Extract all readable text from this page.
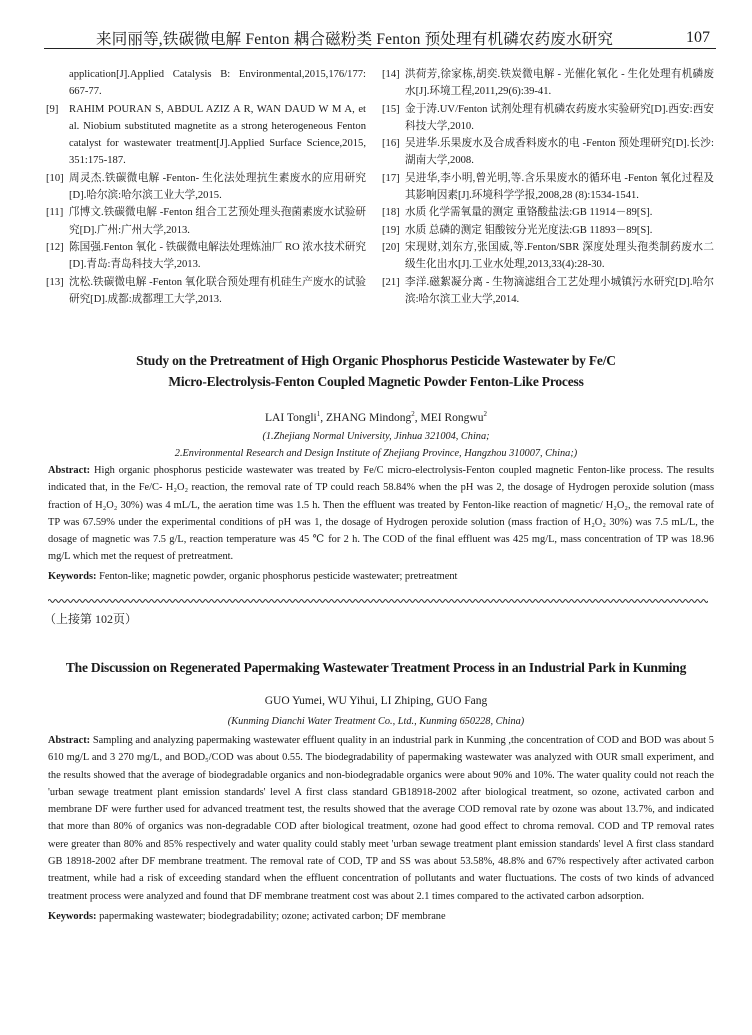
来同丽等,铁碳微电解 Fenton 耦合磁粉类 Fenton 预处理有机磷农药废水研究	107
application[J].Applied Catalysis B: Environmental,2015,176/177: 667-77.
[9] RAHIM POURAN S, ABDUL AZIZ A R, WAN DAUD W M A, et al. Niobium substituted magnetite as a strong heterogeneous Fenton catalyst for wastewater treatment[J].Applied Surface Science,2015, 351:175-187.
[10] 周灵杰.铁碳微电解 -Fenton- 生化法处理抗生素废水的应用研究[D].哈尔滨:哈尔滨工业大学,2015.
[11] 邝博文.铁碳微电解 -Fenton 组合工艺预处理头孢菌素废水试验研究[D].广州:广州大学,2013.
[12] 陈国强.Fenton 氧化 - 铁碳微电解法处理炼油厂 RO 浓水技术研究[D].青岛:青岛科技大学,2013.
[13] 沈松.铁碳微电解 -Fenton 氧化联合预处理有机硅生产废水的试验研究[D].成都:成都理工大学,2013.
[14] 洪荷芳,徐家栋,胡奕.铁炭微电解 - 光催化氧化 - 生化处理有机磷废水[J].环境工程,2011,29(6):39-41.
[15] 金于涛.UV/Fenton 试剂处理有机磷农药废水实验研究[D].西安:西安科技大学,2010.
[16] 吴进华.乐果废水及合成香料废水的电 -Fenton 预处理研究[D].长沙:湖南大学,2008.
[17] 吴进华,李小明,曾光明,等.含乐果废水的循环电 -Fenton 氧化过程及其影响因素[J].环境科学学报,2008,28 (8):1534-1541.
[18] 水质 化学需氧量的测定 重铬酸盐法:GB 11914－89[S].
[19] 水质 总磷的测定 钼酸铵分光光度法:GB 11893－89[S].
[20] 宋现财,刘东方,张国威,等.Fenton/SBR 深度处理头孢类制药废水二级生化出水[J].工业水处理,2013,33(4):28-30.
[21] 李洋.磁絮凝分离 - 生物滴滤组合工艺处理小城镇污水研究[D].哈尔滨:哈尔滨工业大学,2014.
Study on the Pretreatment of High Organic Phosphorus Pesticide Wastewater by Fe/C
Micro-Electrolysis-Fenton Coupled Magnetic Powder Fenton-Like Process
LAI Tongli$^1$, ZHANG Mindong$^2$, MEI Rongwu$^2$
(1.Zhejiang Normal University, Jinhua 321004, China;
2.Environmental Research and Design Institute of Zhejiang Province, Hangzhou 310007, China;)
Abstract: High organic phosphorus pesticide wastewater was treated by Fe/C micro-electrolysis-Fenton coupled magnetic Fenton-like process. The results indicated that, in the Fe/C- H₂O₂ reaction, the removal rate of TP could reach 58.84% when the pH was 2, the dosage of Hydrogen peroxide solution (mass fraction of H₂O₂ 30%) was 4 mL/L, the aeration time was 1.5 h. Then the effluent was treated by Fenton-like reaction of magnetic/ H₂O₂, the removal rate of TP was 67.59% under the experimental conditions of pH was 1, the dosage of Hydrogen peroxide solution (mass fraction of H₂O₂ 30%) was 7.5 mL/L, the dosage of magnetic was 7.5 g/L, reaction temperature was 45 ℃ for 2 h. The COD of the final effluent was 425 mg/L, mass concentration of TP was 18.96 mg/L which met the request of pretreatment.
Keywords: Fenton-like; magnetic powder, organic phosphorus pesticide wastewater; pretreatment
（上接第 102页）
The Discussion on Regenerated Papermaking Wastewater Treatment Process in an Industrial Park in Kunming
GUO Yumei, WU Yihui, LI Zhiping, GUO Fang
(Kunming Dianchi Water Treatment Co., Ltd., Kunming 650228, China)
Abstract: Sampling and analyzing papermaking wastewater effluent quality in an industrial park in Kunming ,the concentration of COD and BOD was about 5 610 mg/L and 3 270 mg/L, and BOD₅/COD was about 0.55. The biodegradability of papermaking wastewater was analyzed with OUR small experiment, and the results showed that the average of biodegradable organics and non-biodegradable organics were about 90% and 10%. The water quality could not reach the 'urban sewage treatment plant emission standards' level A first class standard GB18918-2002 after biological treatment, so ozone, activated carbon and membrane DF were further used for advanced treatment test, the results showed that the average COD removal rate by ozone was about 13.7%, and indicated that more than 80% of organics was non-degradable COD after biological treatment, ozone had good effect to chroma removal. COD and TP removal rates were greater than 80% and 85% respectively and water quality could stably meet 'urban sewage treatment plant emission standards' level A first class standard GB 18918-2002 after DF membrane treatment. The removal rate of COD, TP and SS was about 53.58%, 48.8% and 67% respectively after activated carbon treatment, while had a risk of exceeding standard when the effluent concentration of pollutants and water fluctuations. The costs of two kinds of advanced treatment process were analyzed and found that DF membrane treatment cost was about 2.1 times compared to the activated carbon adsorption.
Keywords: papermaking wastewater; biodegradability; ozone; activated carbon; DF membrane
